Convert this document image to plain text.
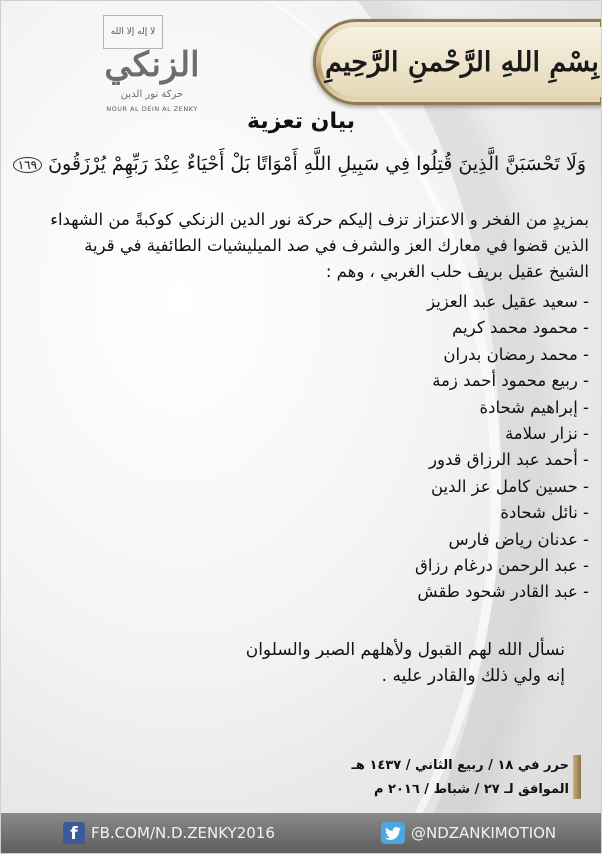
بِسْمِ اللهِ الرَّحْمنِ الرَّحِيمِ
لا إله إلا الله
الزنكي
حركة نور الدين
NOUR AL DEIN AL ZENKY	بيان تعزية
وَلَا تَحْسَبَنَّ الَّذِينَ قُتِلُوا فِي سَبِيلِ اللَّهِ أَمْوَاتًا بَلْ أَحْيَاءٌ عِنْدَ رَبِّهِمْ يُرْزَقُونَ ١٦٩
بمزيدٍ من الفخر و الاعتزاز تزف إليكم حركة نور الدين الزنكي كوكبةً من الشهداء الذين قضوا في معارك العز والشرف في صد الميليشيات الطائفية في قرية الشيخ عقيل بريف حلب الغربي ، وهم :
- سعيد عقيل عبد العزيز
- محمود محمد كريم
- محمد رمضان بدران
- ربيع محمود أحمد زمة
- إبراهيم شحادة
- نزار سلامة
- أحمد عبد الرزاق قدور
- حسين كامل عز الدين
- نائل شحادة
- عدنان رياض فارس
- عبد الرحمن درغام رزاق
- عبد القادر شحود طقش
نسأل الله لهم القبول ولأهلهم الصبر والسلوان
إنه ولي ذلك والقادر عليه .
حرر في ١٨ / ربيع الثاني / ١٤٣٧ هـ
الموافق لـ ٢٧ / شباط / ٢٠١٦ م
f FB.COM/N.D.ZENKY2016	@NDZANKIMOTION
